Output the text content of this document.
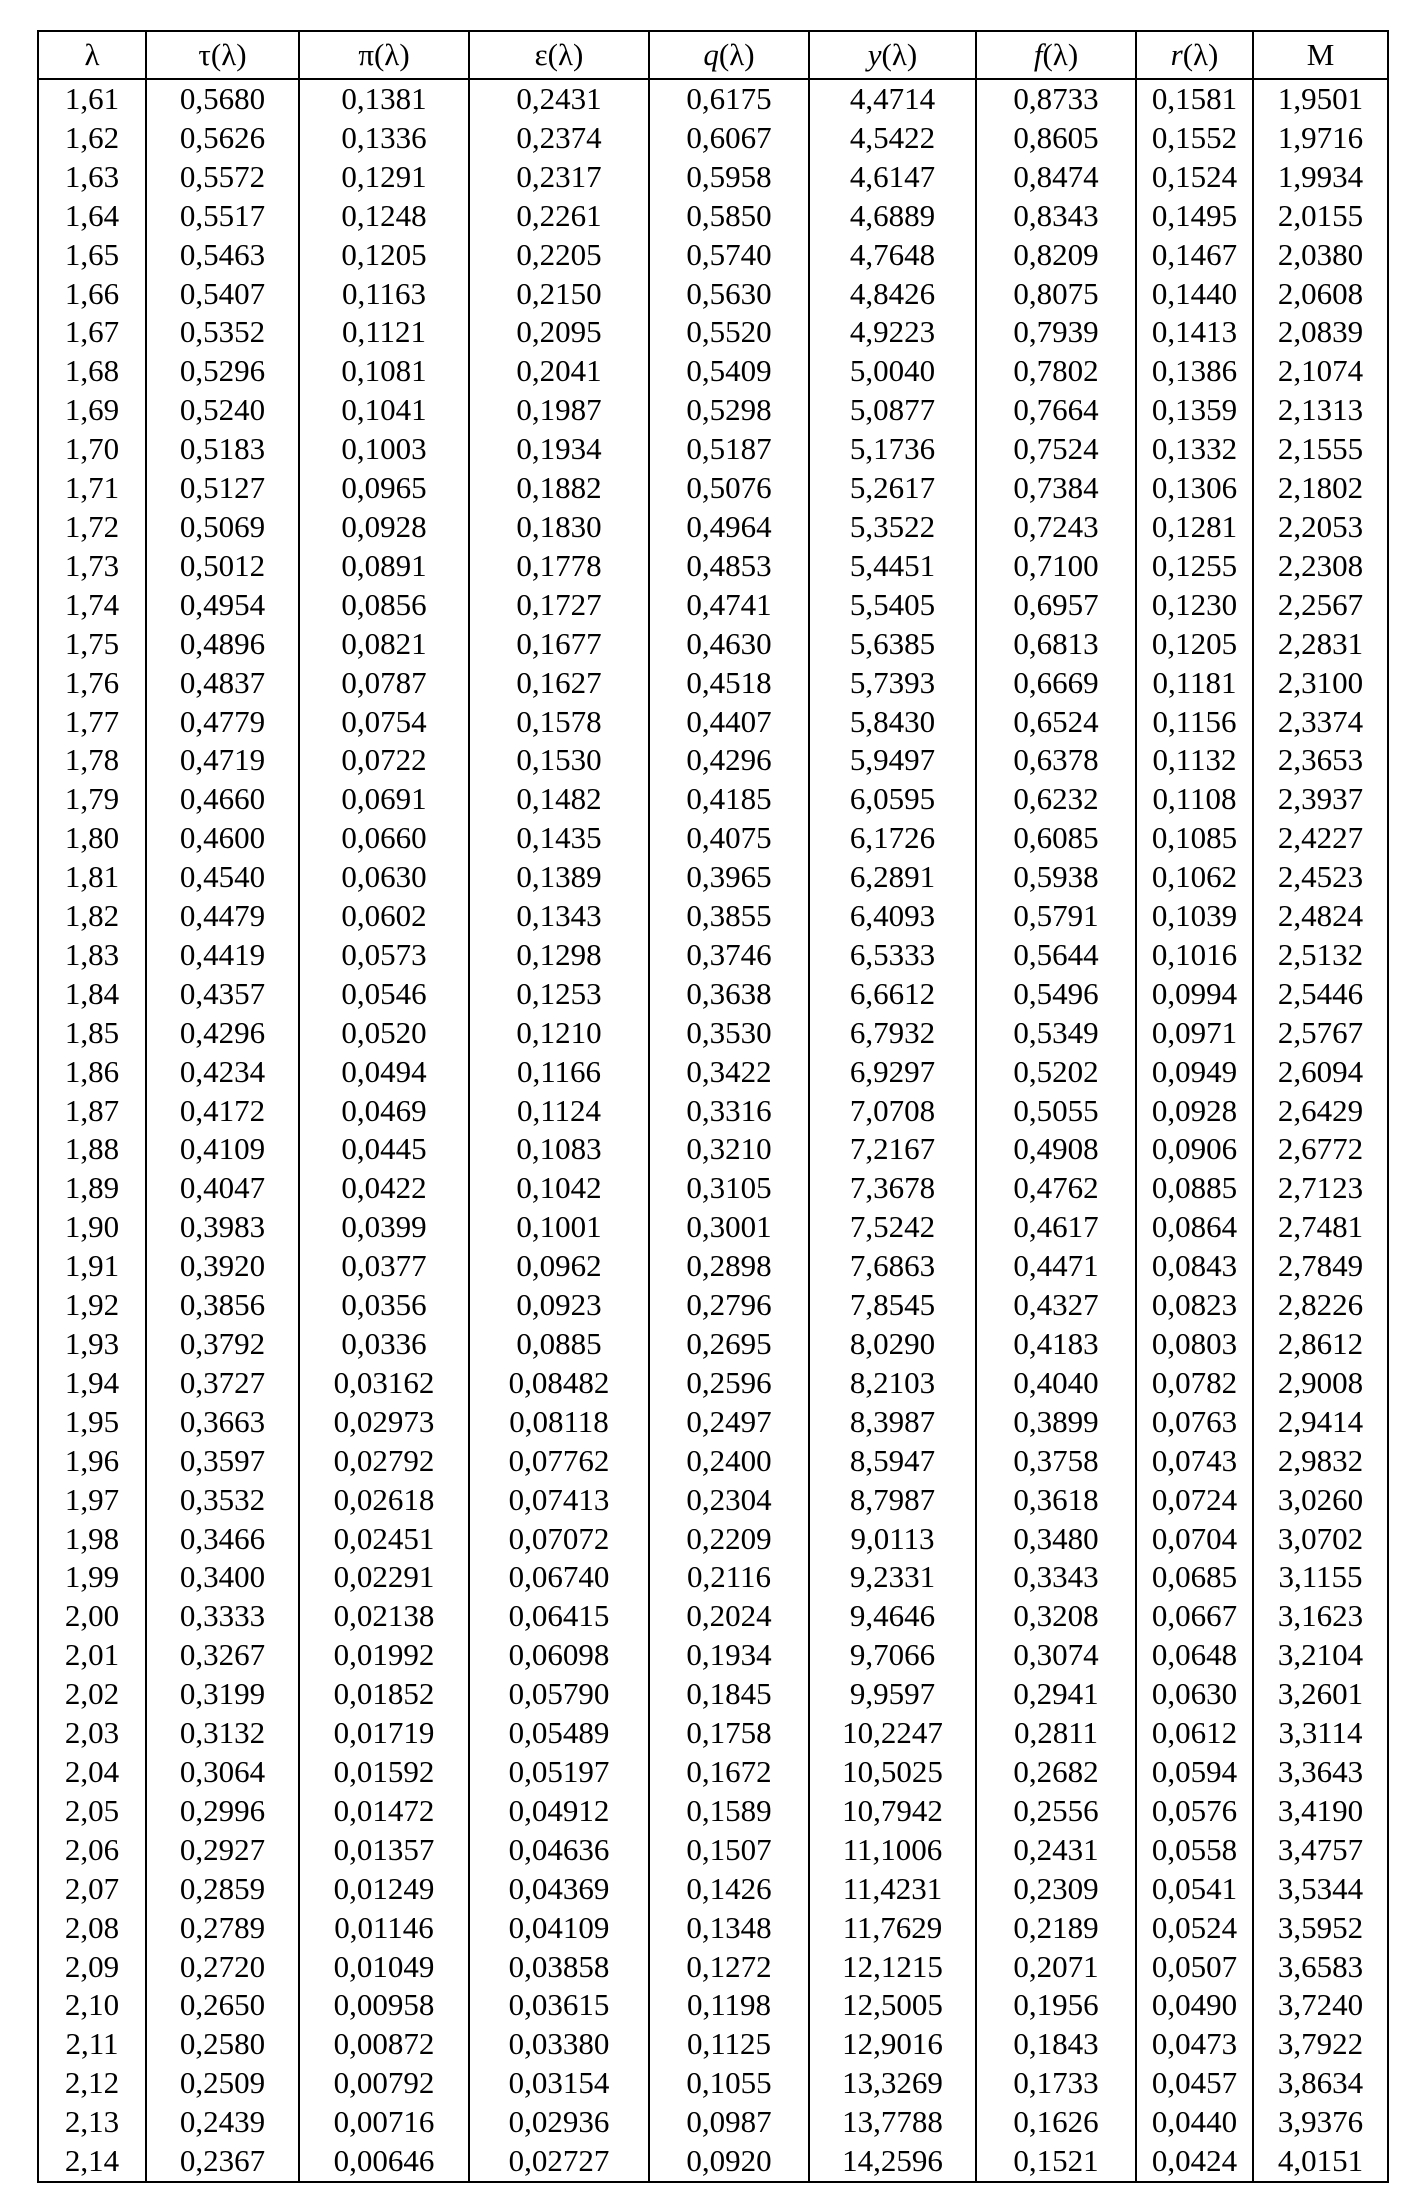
λ	τ(λ)	π(λ)	ε(λ)	q(λ)	y(λ)	f(λ)	r(λ)	M
1,61	0,5680	0,1381	0,2431	0,6175	4,4714	0,8733	0,1581	1,9501
1,62	0,5626	0,1336	0,2374	0,6067	4,5422	0,8605	0,1552	1,9716
1,63	0,5572	0,1291	0,2317	0,5958	4,6147	0,8474	0,1524	1,9934
1,64	0,5517	0,1248	0,2261	0,5850	4,6889	0,8343	0,1495	2,0155
1,65	0,5463	0,1205	0,2205	0,5740	4,7648	0,8209	0,1467	2,0380
1,66	0,5407	0,1163	0,2150	0,5630	4,8426	0,8075	0,1440	2,0608
1,67	0,5352	0,1121	0,2095	0,5520	4,9223	0,7939	0,1413	2,0839
1,68	0,5296	0,1081	0,2041	0,5409	5,0040	0,7802	0,1386	2,1074
1,69	0,5240	0,1041	0,1987	0,5298	5,0877	0,7664	0,1359	2,1313
1,70	0,5183	0,1003	0,1934	0,5187	5,1736	0,7524	0,1332	2,1555
1,71	0,5127	0,0965	0,1882	0,5076	5,2617	0,7384	0,1306	2,1802
1,72	0,5069	0,0928	0,1830	0,4964	5,3522	0,7243	0,1281	2,2053
1,73	0,5012	0,0891	0,1778	0,4853	5,4451	0,7100	0,1255	2,2308
1,74	0,4954	0,0856	0,1727	0,4741	5,5405	0,6957	0,1230	2,2567
1,75	0,4896	0,0821	0,1677	0,4630	5,6385	0,6813	0,1205	2,2831
1,76	0,4837	0,0787	0,1627	0,4518	5,7393	0,6669	0,1181	2,3100
1,77	0,4779	0,0754	0,1578	0,4407	5,8430	0,6524	0,1156	2,3374
1,78	0,4719	0,0722	0,1530	0,4296	5,9497	0,6378	0,1132	2,3653
1,79	0,4660	0,0691	0,1482	0,4185	6,0595	0,6232	0,1108	2,3937
1,80	0,4600	0,0660	0,1435	0,4075	6,1726	0,6085	0,1085	2,4227
1,81	0,4540	0,0630	0,1389	0,3965	6,2891	0,5938	0,1062	2,4523
1,82	0,4479	0,0602	0,1343	0,3855	6,4093	0,5791	0,1039	2,4824
1,83	0,4419	0,0573	0,1298	0,3746	6,5333	0,5644	0,1016	2,5132
1,84	0,4357	0,0546	0,1253	0,3638	6,6612	0,5496	0,0994	2,5446
1,85	0,4296	0,0520	0,1210	0,3530	6,7932	0,5349	0,0971	2,5767
1,86	0,4234	0,0494	0,1166	0,3422	6,9297	0,5202	0,0949	2,6094
1,87	0,4172	0,0469	0,1124	0,3316	7,0708	0,5055	0,0928	2,6429
1,88	0,4109	0,0445	0,1083	0,3210	7,2167	0,4908	0,0906	2,6772
1,89	0,4047	0,0422	0,1042	0,3105	7,3678	0,4762	0,0885	2,7123
1,90	0,3983	0,0399	0,1001	0,3001	7,5242	0,4617	0,0864	2,7481
1,91	0,3920	0,0377	0,0962	0,2898	7,6863	0,4471	0,0843	2,7849
1,92	0,3856	0,0356	0,0923	0,2796	7,8545	0,4327	0,0823	2,8226
1,93	0,3792	0,0336	0,0885	0,2695	8,0290	0,4183	0,0803	2,8612
1,94	0,3727	0,03162	0,08482	0,2596	8,2103	0,4040	0,0782	2,9008
1,95	0,3663	0,02973	0,08118	0,2497	8,3987	0,3899	0,0763	2,9414
1,96	0,3597	0,02792	0,07762	0,2400	8,5947	0,3758	0,0743	2,9832
1,97	0,3532	0,02618	0,07413	0,2304	8,7987	0,3618	0,0724	3,0260
1,98	0,3466	0,02451	0,07072	0,2209	9,0113	0,3480	0,0704	3,0702
1,99	0,3400	0,02291	0,06740	0,2116	9,2331	0,3343	0,0685	3,1155
2,00	0,3333	0,02138	0,06415	0,2024	9,4646	0,3208	0,0667	3,1623
2,01	0,3267	0,01992	0,06098	0,1934	9,7066	0,3074	0,0648	3,2104
2,02	0,3199	0,01852	0,05790	0,1845	9,9597	0,2941	0,0630	3,2601
2,03	0,3132	0,01719	0,05489	0,1758	10,2247	0,2811	0,0612	3,3114
2,04	0,3064	0,01592	0,05197	0,1672	10,5025	0,2682	0,0594	3,3643
2,05	0,2996	0,01472	0,04912	0,1589	10,7942	0,2556	0,0576	3,4190
2,06	0,2927	0,01357	0,04636	0,1507	11,1006	0,2431	0,0558	3,4757
2,07	0,2859	0,01249	0,04369	0,1426	11,4231	0,2309	0,0541	3,5344
2,08	0,2789	0,01146	0,04109	0,1348	11,7629	0,2189	0,0524	3,5952
2,09	0,2720	0,01049	0,03858	0,1272	12,1215	0,2071	0,0507	3,6583
2,10	0,2650	0,00958	0,03615	0,1198	12,5005	0,1956	0,0490	3,7240
2,11	0,2580	0,00872	0,03380	0,1125	12,9016	0,1843	0,0473	3,7922
2,12	0,2509	0,00792	0,03154	0,1055	13,3269	0,1733	0,0457	3,8634
2,13	0,2439	0,00716	0,02936	0,0987	13,7788	0,1626	0,0440	3,9376
2,14	0,2367	0,00646	0,02727	0,0920	14,2596	0,1521	0,0424	4,0151
